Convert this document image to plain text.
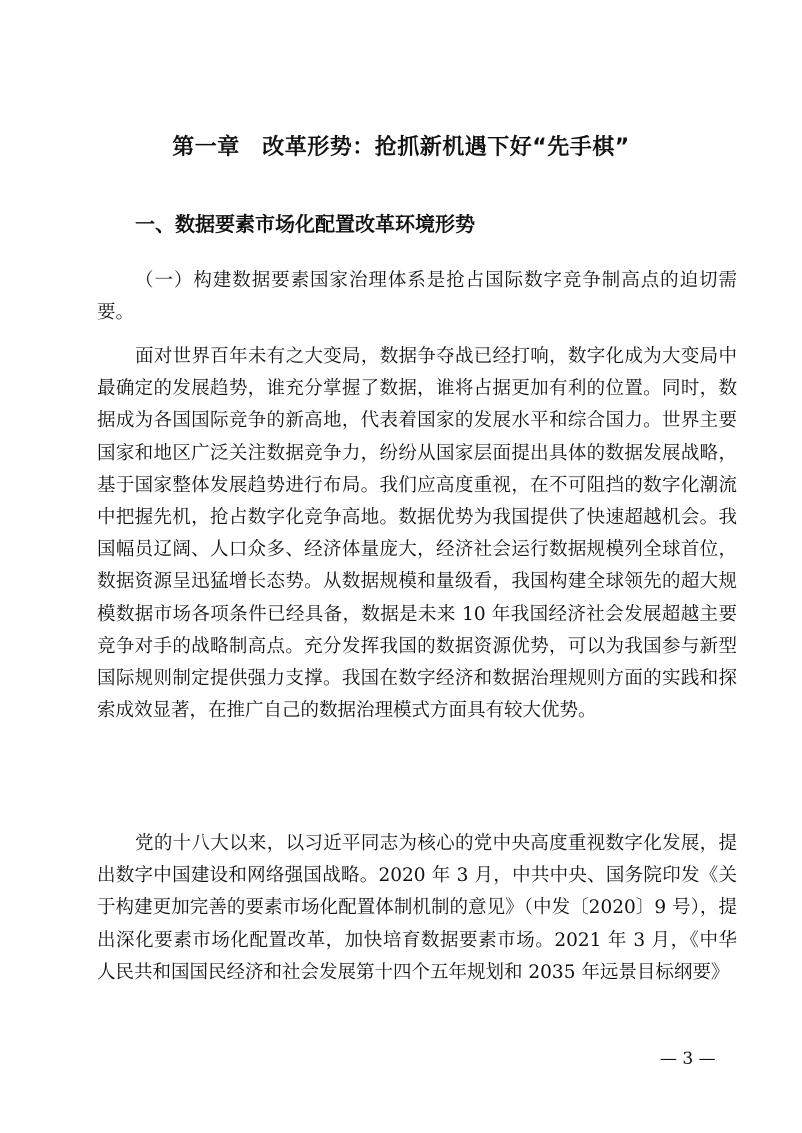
第一章　改革形势：抢抓新机遇下好“先手棋”
一、数据要素市场化配置改革环境形势
（一）构建数据要素国家治理体系是抢占国际数字竞争制高点的迫切需要。
面对世界百年未有之大变局，数据争夺战已经打响，数字化成为大变局中最确定的发展趋势，谁充分掌握了数据，谁将占据更加有利的位置。同时，数据成为各国国际竞争的新高地，代表着国家的发展水平和综合国力。世界主要国家和地区广泛关注数据竞争力，纷纷从国家层面提出具体的数据发展战略，基于国家整体发展趋势进行布局。我们应高度重视，在不可阻挡的数字化潮流中把握先机，抢占数字化竞争高地。数据优势为我国提供了快速超越机会。我国幅员辽阔、人口众多、经济体量庞大，经济社会运行数据规模列全球首位，数据资源呈迅猛增长态势。从数据规模和量级看，我国构建全球领先的超大规模数据市场各项条件已经具备，数据是未来 10 年我国经济社会发展超越主要竞争对手的战略制高点。充分发挥我国的数据资源优势，可以为我国参与新型国际规则制定提供强力支撑。我国在数字经济和数据治理规则方面的实践和探索成效显著，在推广自己的数据治理模式方面具有较大优势。
党的十八大以来，以习近平同志为核心的党中央高度重视数字化发展，提出数字中国建设和网络强国战略。2020 年 3 月，中共中央、国务院印发《关于构建更加完善的要素市场化配置体制机制的意见》（中发〔2020〕9 号），提出深化要素市场化配置改革，加快培育数据要素市场。2021 年 3 月，《中华人民共和国国民经济和社会发展第十四个五年规划和 2035 年远景目标纲要》
— 3 —
